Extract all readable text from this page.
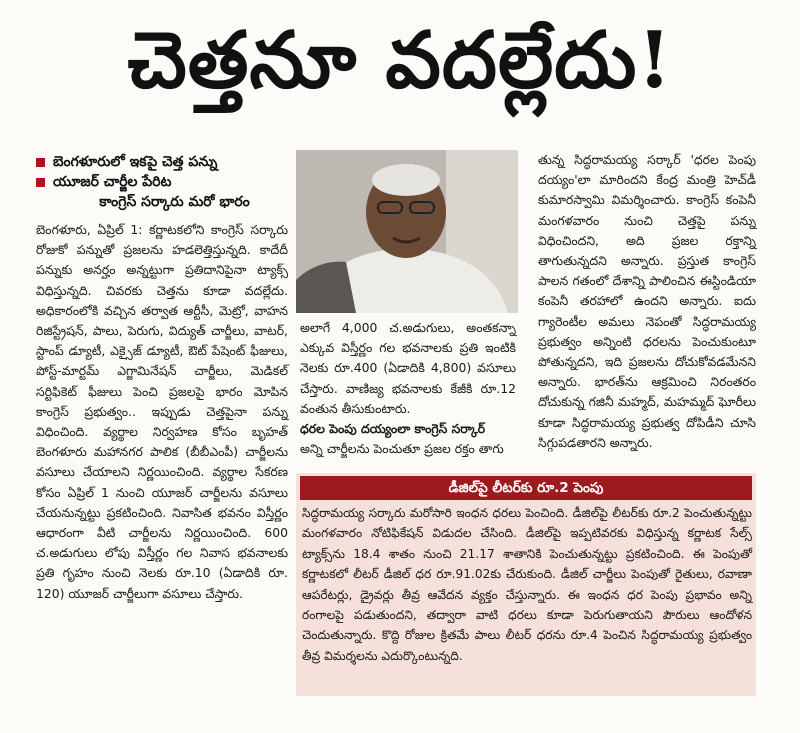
చెత్తనూ వదల్లేదు!
బెంగళూరులో ఇకపై చెత్త పన్ను
యూజర్ చార్జీల పేరిట
కాంగ్రెస్ సర్కారు మరో భారం

బెంగళూరు, ఏప్రిల్ 1: కర్ణాటకలోని కాంగ్రెస్ సర్కారు రోజుకో పన్నుతో ప్రజలను హడలెత్తిస్తున్నది. కాదేదీ పన్నుకు అనర్హం అన్నట్టుగా ప్రతిదానిపైనా ట్యాక్స్ విధిస్తున్నది. చివరకు చెత్తను కూడా వదల్లేదు. అధికారంలోకి వచ్చిన తర్వాత ఆర్టీసీ, మెట్రో, వాహన రిజిస్ట్రేషన్, పాలు, పెరుగు, విద్యుత్ చార్జీలు, వాటర్, స్టాంప్ డ్యూటీ, ఎక్సైజ్ డ్యూటీ, ఔట్ పేషెంట్ ఫీజులు, పోస్ట్-మార్టమ్ ఎగ్జామినేషన్ చార్జీలు, మెడికల్ సర్టిఫికెట్ ఫీజులు పెంచి ప్రజలపై భారం మోపిన కాంగ్రెస్ ప్రభుత్వం.. ఇప్పుడు చెత్తపైనా పన్ను విధించింది. వ్యర్థాల నిర్వహణ కోసం బృహత్ బెంగళూరు మహానగర పాలిక (బీబీఎంపీ) చార్జీలను వసూలు చేయాలని నిర్ణయించింది. వ్యర్థాల సేకరణ కోసం ఏప్రిల్ 1 నుంచి యూజర్ చార్జీలను వసూలు చేయనున్నట్టు ప్రకటించింది. నివాసిత భవనం విస్తీర్ణం ఆధారంగా వీటి చార్జీలను నిర్ణయించింది. 600 చ.అడుగులు లోపు విస్తీర్ణం గల నివాస భవనాలకు ప్రతి గృహం నుంచి నెలకు రూ.10 (ఏడాదికి రూ. 120) యూజర్ చార్జీలుగా వసూలు చేస్తారు.

అలాగే 4,000 చ.అడుగులు, అంతకన్నా ఎక్కువ విస్తీర్ణం గల భవనాలకు ప్రతి ఇంటికి నెలకు రూ.400 (ఏడాదికి 4,800) వసూలు చేస్తారు. వాణిజ్య భవనాలకు కేజీకి రూ.12 వంతున తీసుకుంటారు.

ధరల పెంపు దయ్యంలా కాంగ్రెస్ సర్కార్

అన్ని చార్జీలను పెంచుతూ ప్రజల రక్తం తాగు

తున్న సిద్ధరామయ్య సర్కార్ 'ధరల పెంపు దయ్యం'లా మారిందని కేంద్ర మంత్రి హెచ్‌డీ కుమారస్వామి విమర్శించారు. కాంగ్రెస్ కంపెనీ మంగళవారం నుంచి చెత్తపై పన్ను విధించిందని, అది ప్రజల రక్తాన్ని తాగుతున్నదని అన్నారు. ప్రస్తుత కాంగ్రెస్ పాలన గతంలో దేశాన్ని పాలించిన ఈస్టిండియా కంపెనీ తరహాలో ఉందని అన్నారు. ఐదు గ్యారెంటీల అమలు నెపంతో సిద్ధరామయ్య ప్రభుత్వం అన్నింటి ధరలను పెంచుకుంటూ పోతున్నదని, ఇది ప్రజలను దోచుకోవడమేనని అన్నారు. భారత్‌ను ఆక్రమించి నిరంతరం దోచుకున్న గజినీ మహ్మద్, మహమ్మద్ ఘోరీలు కూడా సిద్ధరామయ్య ప్రభుత్వ దోపిడీని చూసి సిగ్గుపడతారని అన్నారు.

డీజిల్‌పై లీటర్‌కు రూ.2 పెంపు

సిద్ధరామయ్య సర్కారు మరోసారి ఇంధన ధరలు పెంచింది. డీజిల్‌పై లీటర్‌కు రూ.2 పెంచుతున్నట్టు మంగళవారం నోటిఫికేషన్ విడుదల చేసింది. డీజిల్‌పై ఇప్పటివరకు విధిస్తున్న కర్ణాటక సేల్స్ ట్యాక్స్‌ను 18.4 శాతం నుంచి 21.17 శాతానికి పెంచుతున్నట్టు ప్రకటించింది. ఈ పెంపుతో కర్ణాటకలో లీటర్ డీజిల్ ధర రూ.91.02కు చేరుకుంది. డీజిల్ చార్జీలు పెంపుతో రైతులు, రవాణా ఆపరేటర్లు, డ్రైవర్లు తీవ్ర ఆవేదన వ్యక్తం చేస్తున్నారు. ఈ ఇంధన ధర పెంపు ప్రభావం అన్ని రంగాలపై పడుతుందని, తద్వారా వాటి ధరలు కూడా పెరుగుతాయని పౌరులు ఆందోళన చెందుతున్నారు. కొద్ది రోజుల క్రితమే పాలు లీటర్ ధరను రూ.4 పెంచిన సిద్ధరామయ్య ప్రభుత్వం తీవ్ర విమర్శలను ఎదుర్కొంటున్నది.
